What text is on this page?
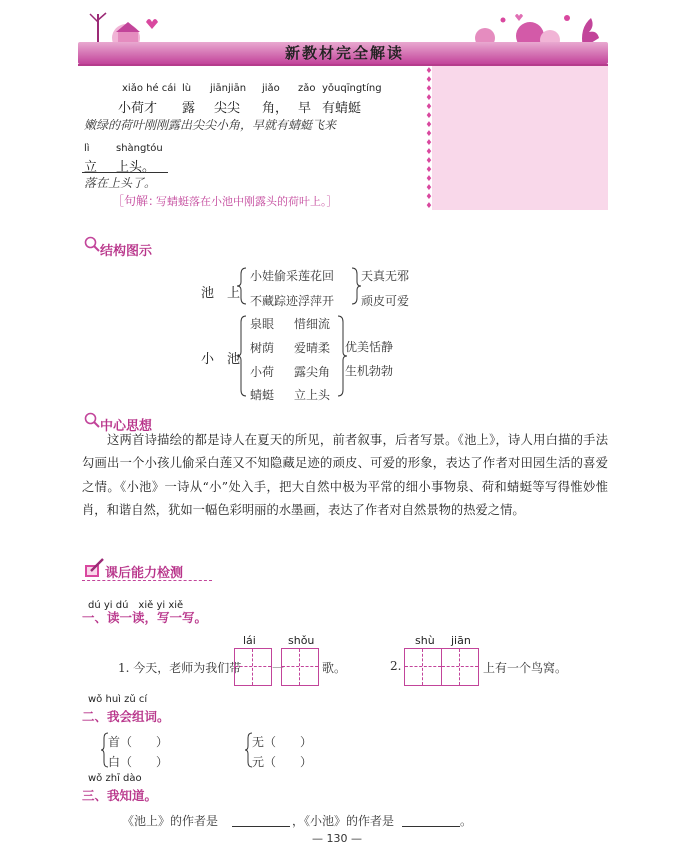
新教材完全解读
♦
♦
♦
♦
♦
♦
♦
♦
♦
♦
♦
♦
♦
♦
♦
♦
xiǎo hé cái lù jiānjiān jiǎo zǎo yǒuqīngtíng
小荷才 露 尖尖 角， 早 有蜻蜓
嫩绿的荷叶刚刚露出尖尖小角，早就有蜻蜓飞来
lì	shàngtóu
立 上头。
落在上头了。
［句解：
写蜻蜓落在小池中刚露头的荷叶上。］
结构图示
池　上
小娃偷采莲花回
不藏踪迹浮萍开
天真无邪
顽皮可爱
小　池
泉眼 惜细流
树荫 爱晴柔
小荷 露尖角
蜻蜓 立上头
优美恬静
生机勃勃
中心思想

这两首诗描绘的都是诗人在夏天的所见，前者叙事，后者写景。《池上》，诗人用白描的手法勾画出一个小孩儿偷采白莲又不知隐藏足迹的顽皮、可爱的形象，表达了作者对田园生活的喜爱之情。《小池》一诗从“小”处入手，把大自然中极为平常的细小事物泉、荷和蜻蜓等写得惟妙惟肖，和谐自然，犹如一幅色彩明丽的水墨画，表达了作者对自然景物的热爱之情。

课后能力检测
dú yi dú　xiě yi xiě
一、读一读，写一写。
lái	shǒu
1. 今天，老师为我们带	一	歌。
shù jiān
2.	上有一个鸟窝。
wǒ huì zǔ cí
二、我会组词。
首（　　）
白（　　）
无（　　）
元（　　）
wǒ zhī dào
三、我知道。
《池上》的作者是	，《小池》的作者是	。
— 130 —
